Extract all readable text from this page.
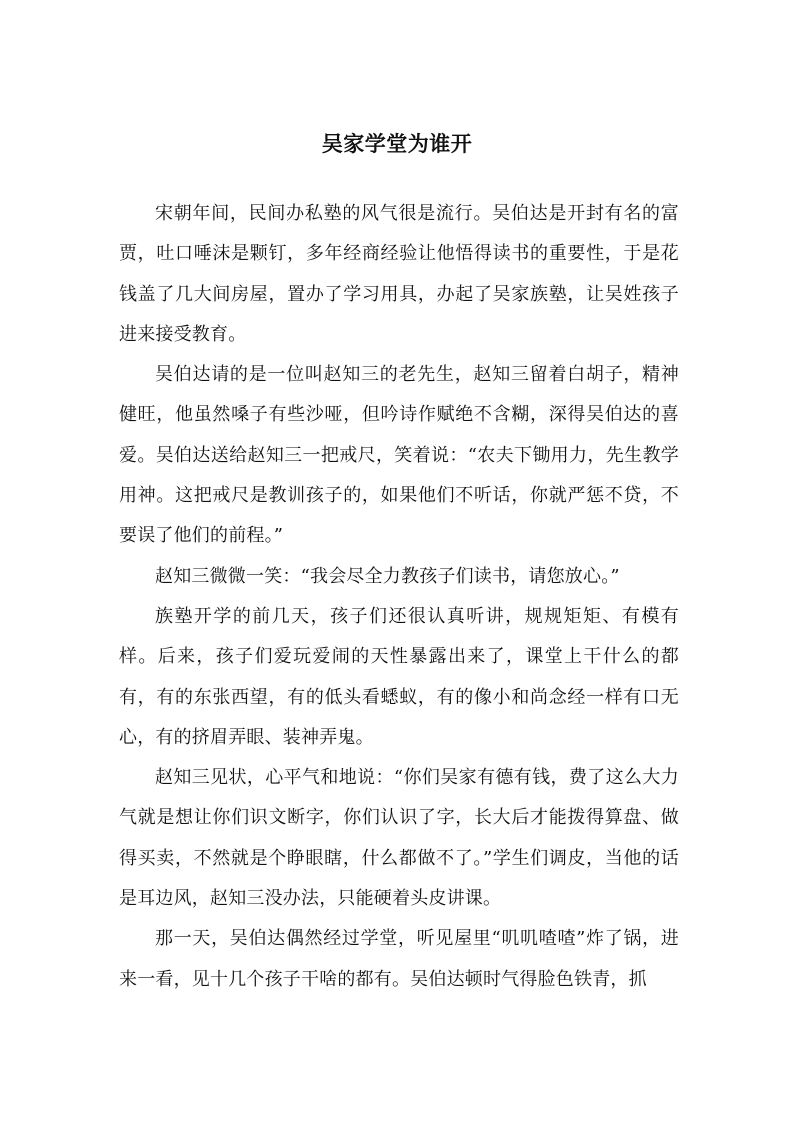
吴家学堂为谁开

宋朝年间，民间办私塾的风气很是流行。吴伯达是开封有名的富贾，吐口唾沫是颗钉，多年经商经验让他悟得读书的重要性，于是花钱盖了几大间房屋，置办了学习用具，办起了吴家族塾，让吴姓孩子进来接受教育。

吴伯达请的是一位叫赵知三的老先生，赵知三留着白胡子，精神健旺，他虽然嗓子有些沙哑，但吟诗作赋绝不含糊，深得吴伯达的喜爱。吴伯达送给赵知三一把戒尺，笑着说：“农夫下锄用力，先生教学用神。这把戒尺是教训孩子的，如果他们不听话，你就严惩不贷，不要误了他们的前程。”

赵知三微微一笑：“我会尽全力教孩子们读书，请您放心。”

族塾开学的前几天，孩子们还很认真听讲，规规矩矩、有模有样。后来，孩子们爱玩爱闹的天性暴露出来了，课堂上干什么的都有，有的东张西望，有的低头看蟋蚁，有的像小和尚念经一样有口无心，有的挤眉弄眼、装神弄鬼。

赵知三见状，心平气和地说：“你们吴家有德有钱，费了这么大力气就是想让你们识文断字，你们认识了字，长大后才能拨得算盘、做得买卖，不然就是个睁眼瞎，什么都做不了。”学生们调皮，当他的话是耳边风，赵知三没办法，只能硬着头皮讲课。

那一天，吴伯达偶然经过学堂，听见屋里“叽叽喳喳”炸了锅，进来一看，见十几个孩子干啥的都有。吴伯达顿时气得脸色铁青，抓
